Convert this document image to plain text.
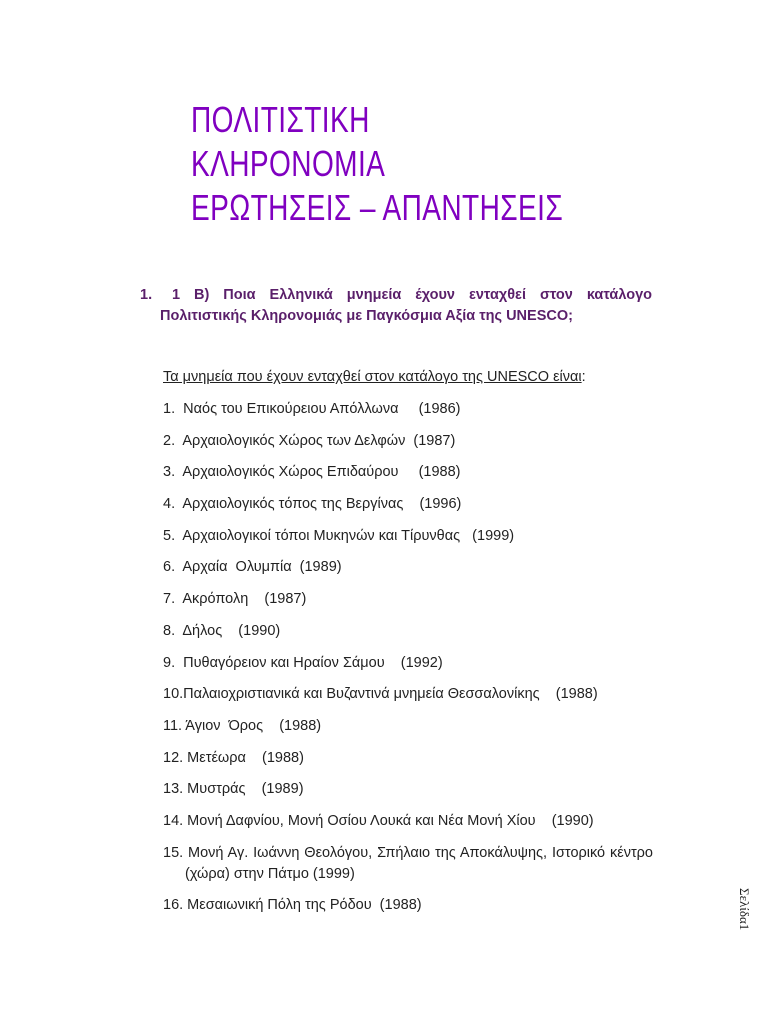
ΠΟΛΙΤΙΣΤΙΚΗ
ΚΛΗΡΟΝΟΜΙΑ
ΕΡΩΤΗΣΕΙΣ – ΑΠΑΝΤΗΣΕΙΣ
1.	1 Β) Ποια Ελληνικά μνημεία έχουν ενταχθεί στον κατάλογο Πολιτιστικής Κληρονομιάς με Παγκόσμια Αξία της UNESCO;
Τα μνημεία που έχουν ενταχθεί στον κατάλογο της UNESCO είναι:
1.  Ναός του Επικούρειου Απόλλωνα     (1986)
2.  Αρχαιολογικός Χώρος των Δελφών  (1987)
3.  Αρχαιολογικός Χώρος Επιδαύρου     (1988)
4.  Αρχαιολογικός τόπος της Βεργίνας    (1996)
5.  Αρχαιολογικοί τόποι Μυκηνών και Τίρυνθας   (1999)
6.  Αρχαία  Ολυμπία  (1989)
7.  Ακρόπολη    (1987)
8.  Δήλος    (1990)
9.  Πυθαγόρειον και Ηραίον Σάμου    (1992)
10.Παλαιοχριστιανικά και Βυζαντινά μνημεία Θεσσαλονίκης    (1988)
11. Άγιον  Όρος    (1988)
12. Μετέωρα    (1988)
13. Μυστράς    (1989)
14. Μονή Δαφνίου, Μονή Οσίου Λουκά και Νέα Μονή Χίου    (1990)
15. Μονή Αγ. Ιωάννη Θεολόγου, Σπήλαιο της Αποκάλυψης, Ιστορικό κέντρο (χώρα) στην Πάτμο (1999)
16. Μεσαιωνική Πόλη της Ρόδου  (1988)	Σελίδα1
